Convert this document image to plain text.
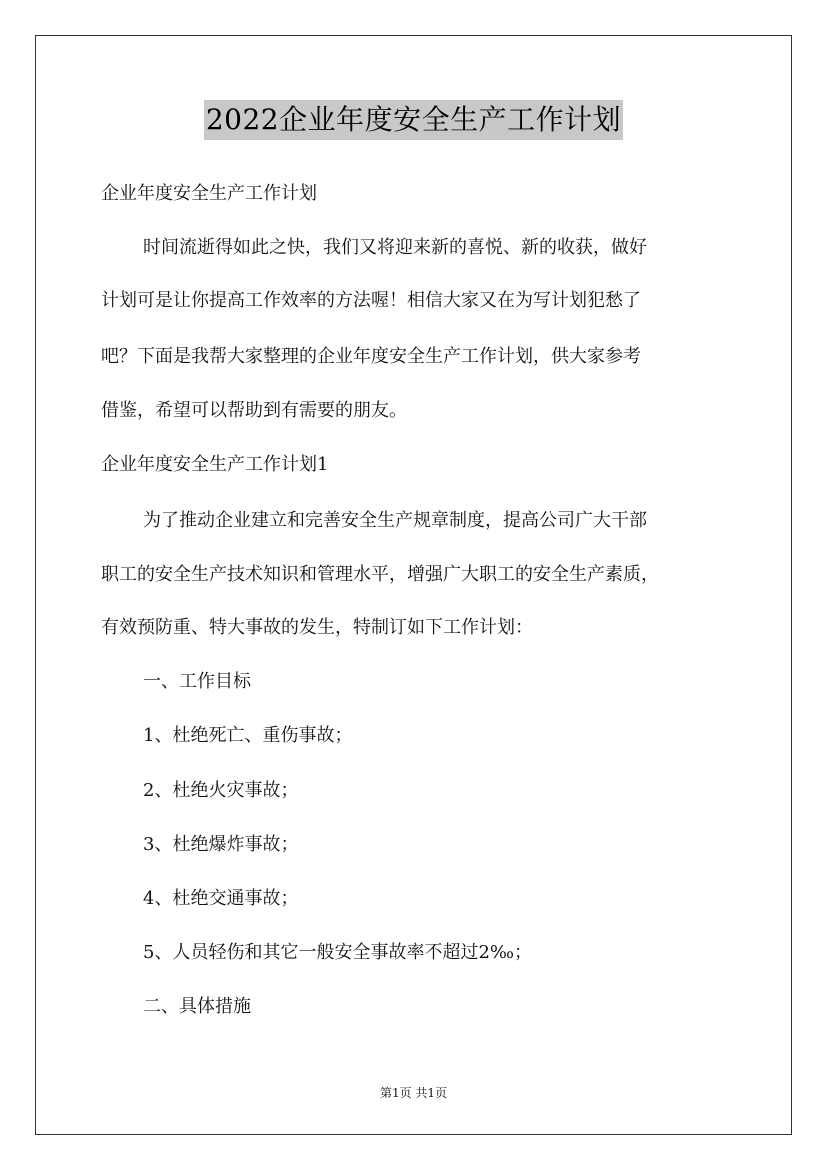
2022企业年度安全生产工作计划
企业年度安全生产工作计划
时间流逝得如此之快，我们又将迎来新的喜悦、新的收获，做好
计划可是让你提高工作效率的方法喔！相信大家又在为写计划犯愁了
吧？下面是我帮大家整理的企业年度安全生产工作计划，供大家参考
借鉴，希望可以帮助到有需要的朋友。
企业年度安全生产工作计划1
为了推动企业建立和完善安全生产规章制度，提高公司广大干部
职工的安全生产技术知识和管理水平，增强广大职工的安全生产素质，
有效预防重、特大事故的发生，特制订如下工作计划：
一、工作目标
1、杜绝死亡、重伤事故；
2、杜绝火灾事故；
3、杜绝爆炸事故；
4、杜绝交通事故；
5、人员轻伤和其它一般安全事故率不超过2‰；
二、具体措施
第1页 共1页
